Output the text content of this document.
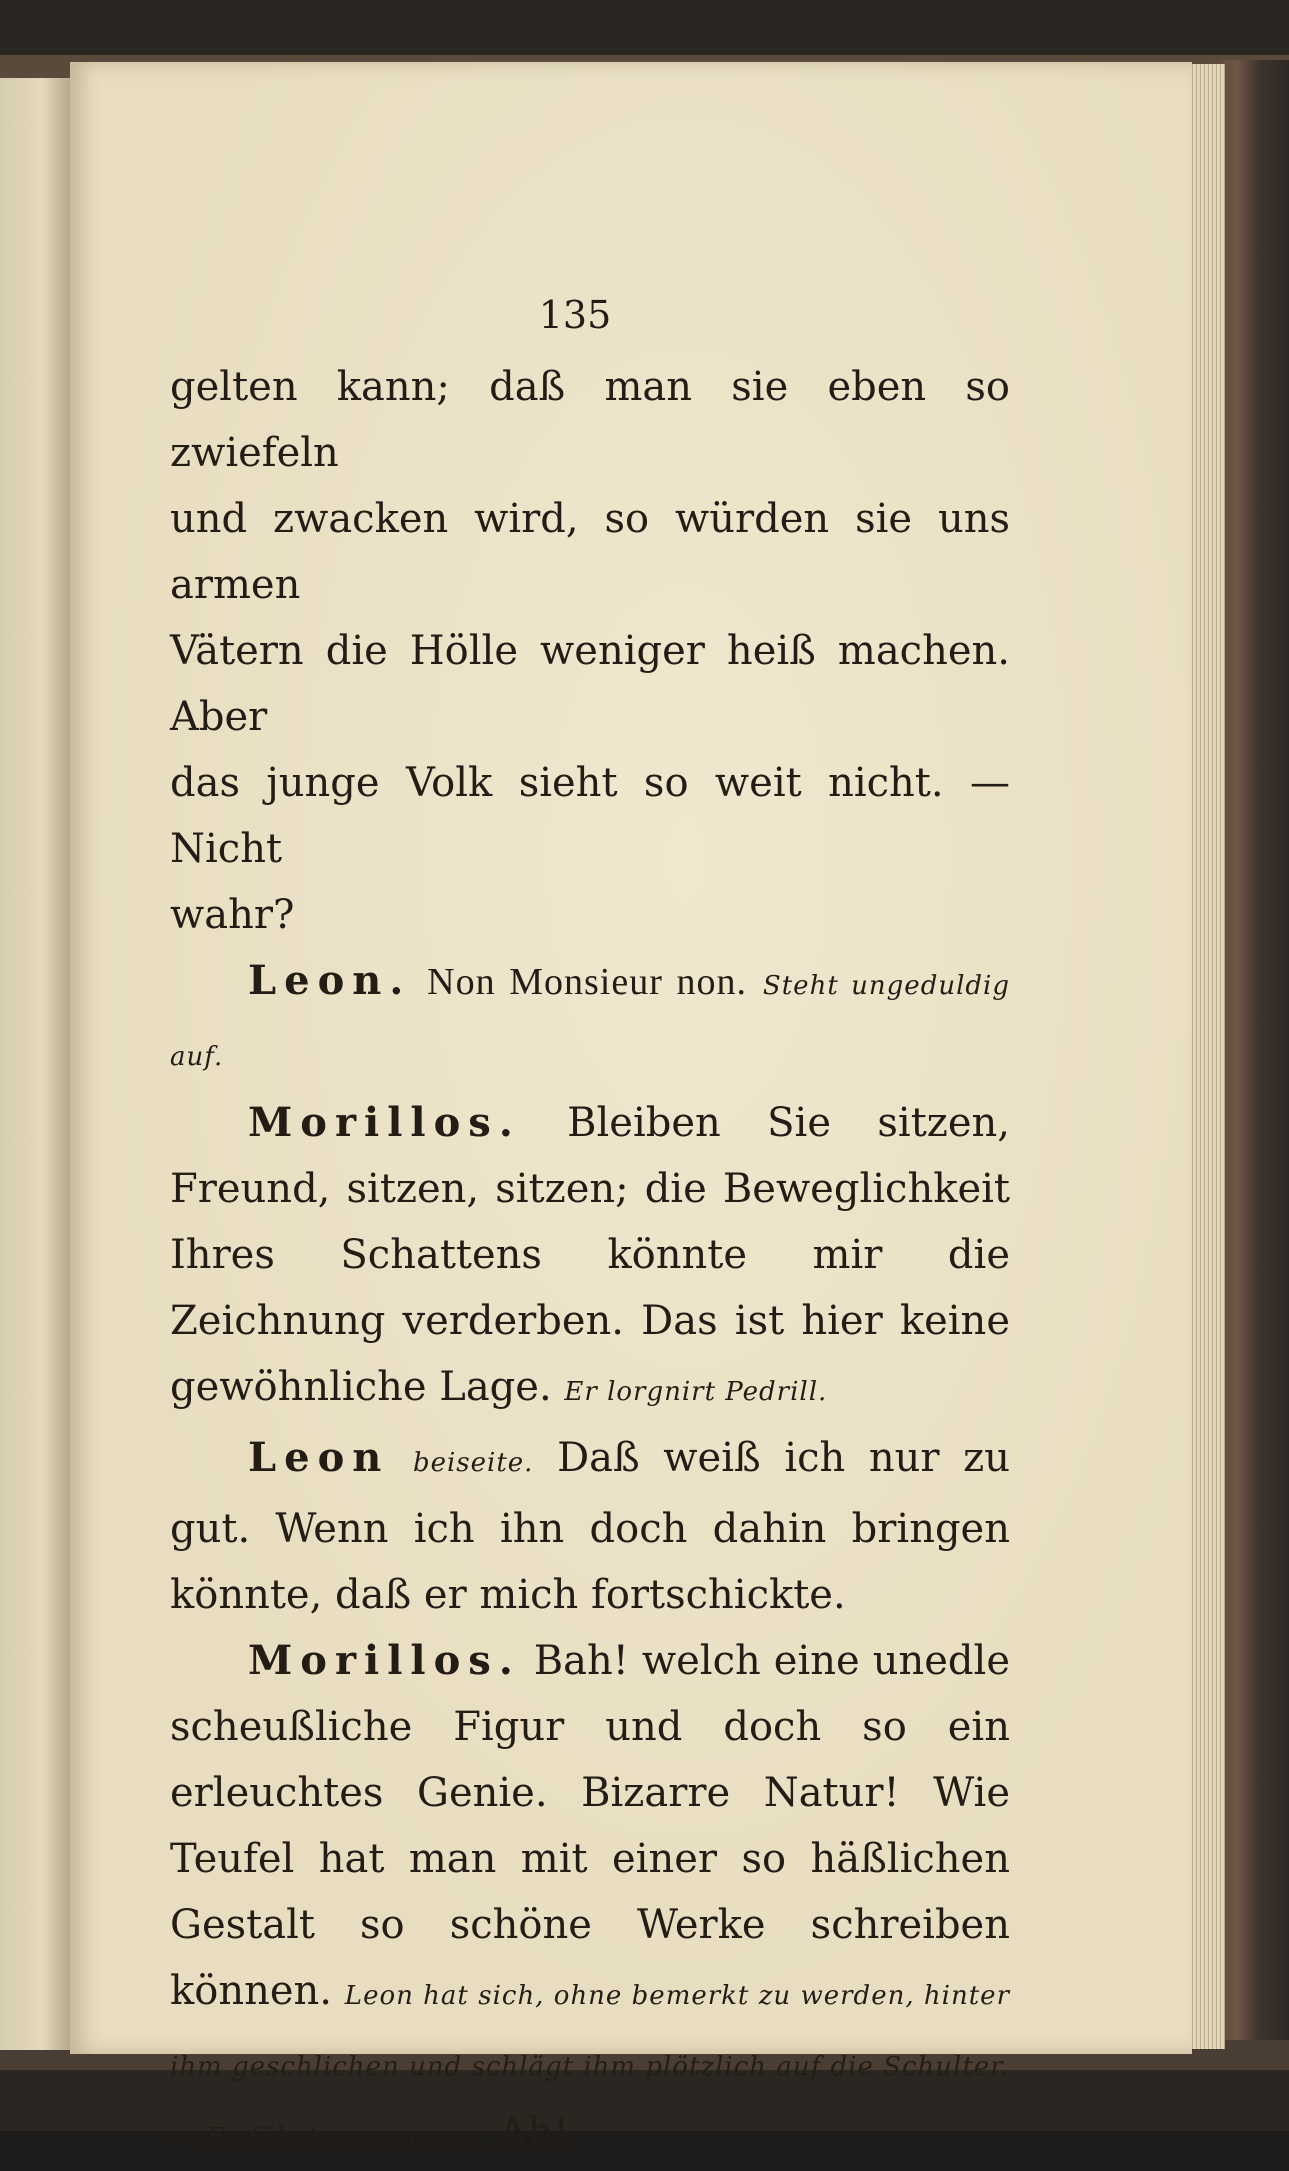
135

gelten kann; daß man sie eben so zwiefeln

und zwacken wird, so würden sie uns armen

Vätern die Hölle weniger heiß machen. Aber

das junge Volk sieht so weit nicht. — Nicht

wahr?

Leon. Non Monsieur non. Steht ungeduldig auf.

Morillos. Bleiben Sie sitzen, Freund, sitzen, sitzen; die Beweglichkeit Ihres Schattens könnte mir die Zeichnung verderben. Das ist hier keine gewöhnliche Lage. Er lorgnirt Pedrill.

Leon beiseite. Daß weiß ich nur zu gut. Wenn ich ihn doch dahin bringen könnte, daß er mich fortschickte.

Morillos. Bah! welch eine unedle scheußliche Figur und doch so ein erleuchtes Genie. Bizarre Natur! Wie Teufel hat man mit einer so häßlichen Gestalt so schöne Werke schreiben können. Leon hat sich, ohne bemerkt zu werden, hinter ihm geschlichen und schlägt ihm plötzlich auf die Schulter. — Er fährt zusammen. Ah!
